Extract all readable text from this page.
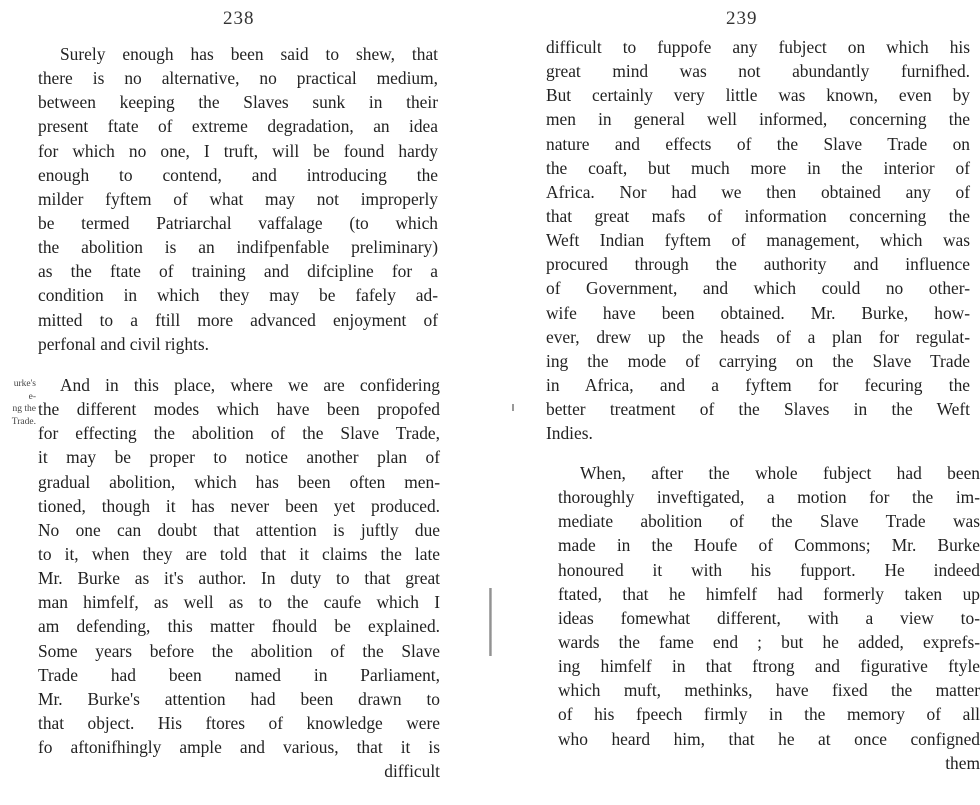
238
urke's
e-
ng the
Trade.
Surely enough has been said to shew, that
there is no alternative, no practical medium,
between keeping the Slaves sunk in their
present ftate of extreme degradation, an idea
for which no one, I truft, will be found hardy
enough to contend, and introducing the
milder fyftem of what may not improperly
be termed Patriarchal vaffalage (to which
the abolition is an indifpenfable preliminary)
as the ftate of training and difcipline for a
condition in which they may be fafely ad-
mitted to a ftill more advanced enjoyment of
perfonal and civil rights.
And in this place, where we are confidering
the different modes which have been propofed
for effecting the abolition of the Slave Trade,
it may be proper to notice another plan of
gradual abolition, which has been often men-
tioned, though it has never been yet produced.
No one can doubt that attention is juftly due
to it, when they are told that it claims the late
Mr. Burke as it's author. In duty to that great
man himfelf, as well as to the caufe which I
am defending, this matter fhould be explained.
Some years before the abolition of the Slave
Trade had been named in Parliament,
Mr. Burke's attention had been drawn to
that object. His ftores of knowledge were
fo aftonifhingly ample and various, that it is
difficult
239
difficult to fuppofe any fubject on which his
great mind was not abundantly furnifhed.
But certainly very little was known, even by
men in general well informed, concerning the
nature and effects of the Slave Trade on
the coaft, but much more in the interior of
Africa. Nor had we then obtained any of
that great mafs of information concerning the
Weft Indian fyftem of management, which was
procured through the authority and influence
of Government, and which could no other-
wife have been obtained. Mr. Burke, how-
ever, drew up the heads of a plan for regulat-
ing the mode of carrying on the Slave Trade
in Africa, and a fyftem for fecuring the
better treatment of the Slaves in the Weft
Indies.
When, after the whole fubject had been
thoroughly inveftigated, a motion for the im-
mediate abolition of the Slave Trade was
made in the Houfe of Commons; Mr. Burke
honoured it with his fupport. He indeed
ftated, that he himfelf had formerly taken up
ideas fomewhat different, with a view to-
wards the fame end ; but he added, exprefs-
ing himfelf in that ftrong and figurative ftyle
which muft, methinks, have fixed the matter
of his fpeech firmly in the memory of all
who heard him, that he at once configned
them
